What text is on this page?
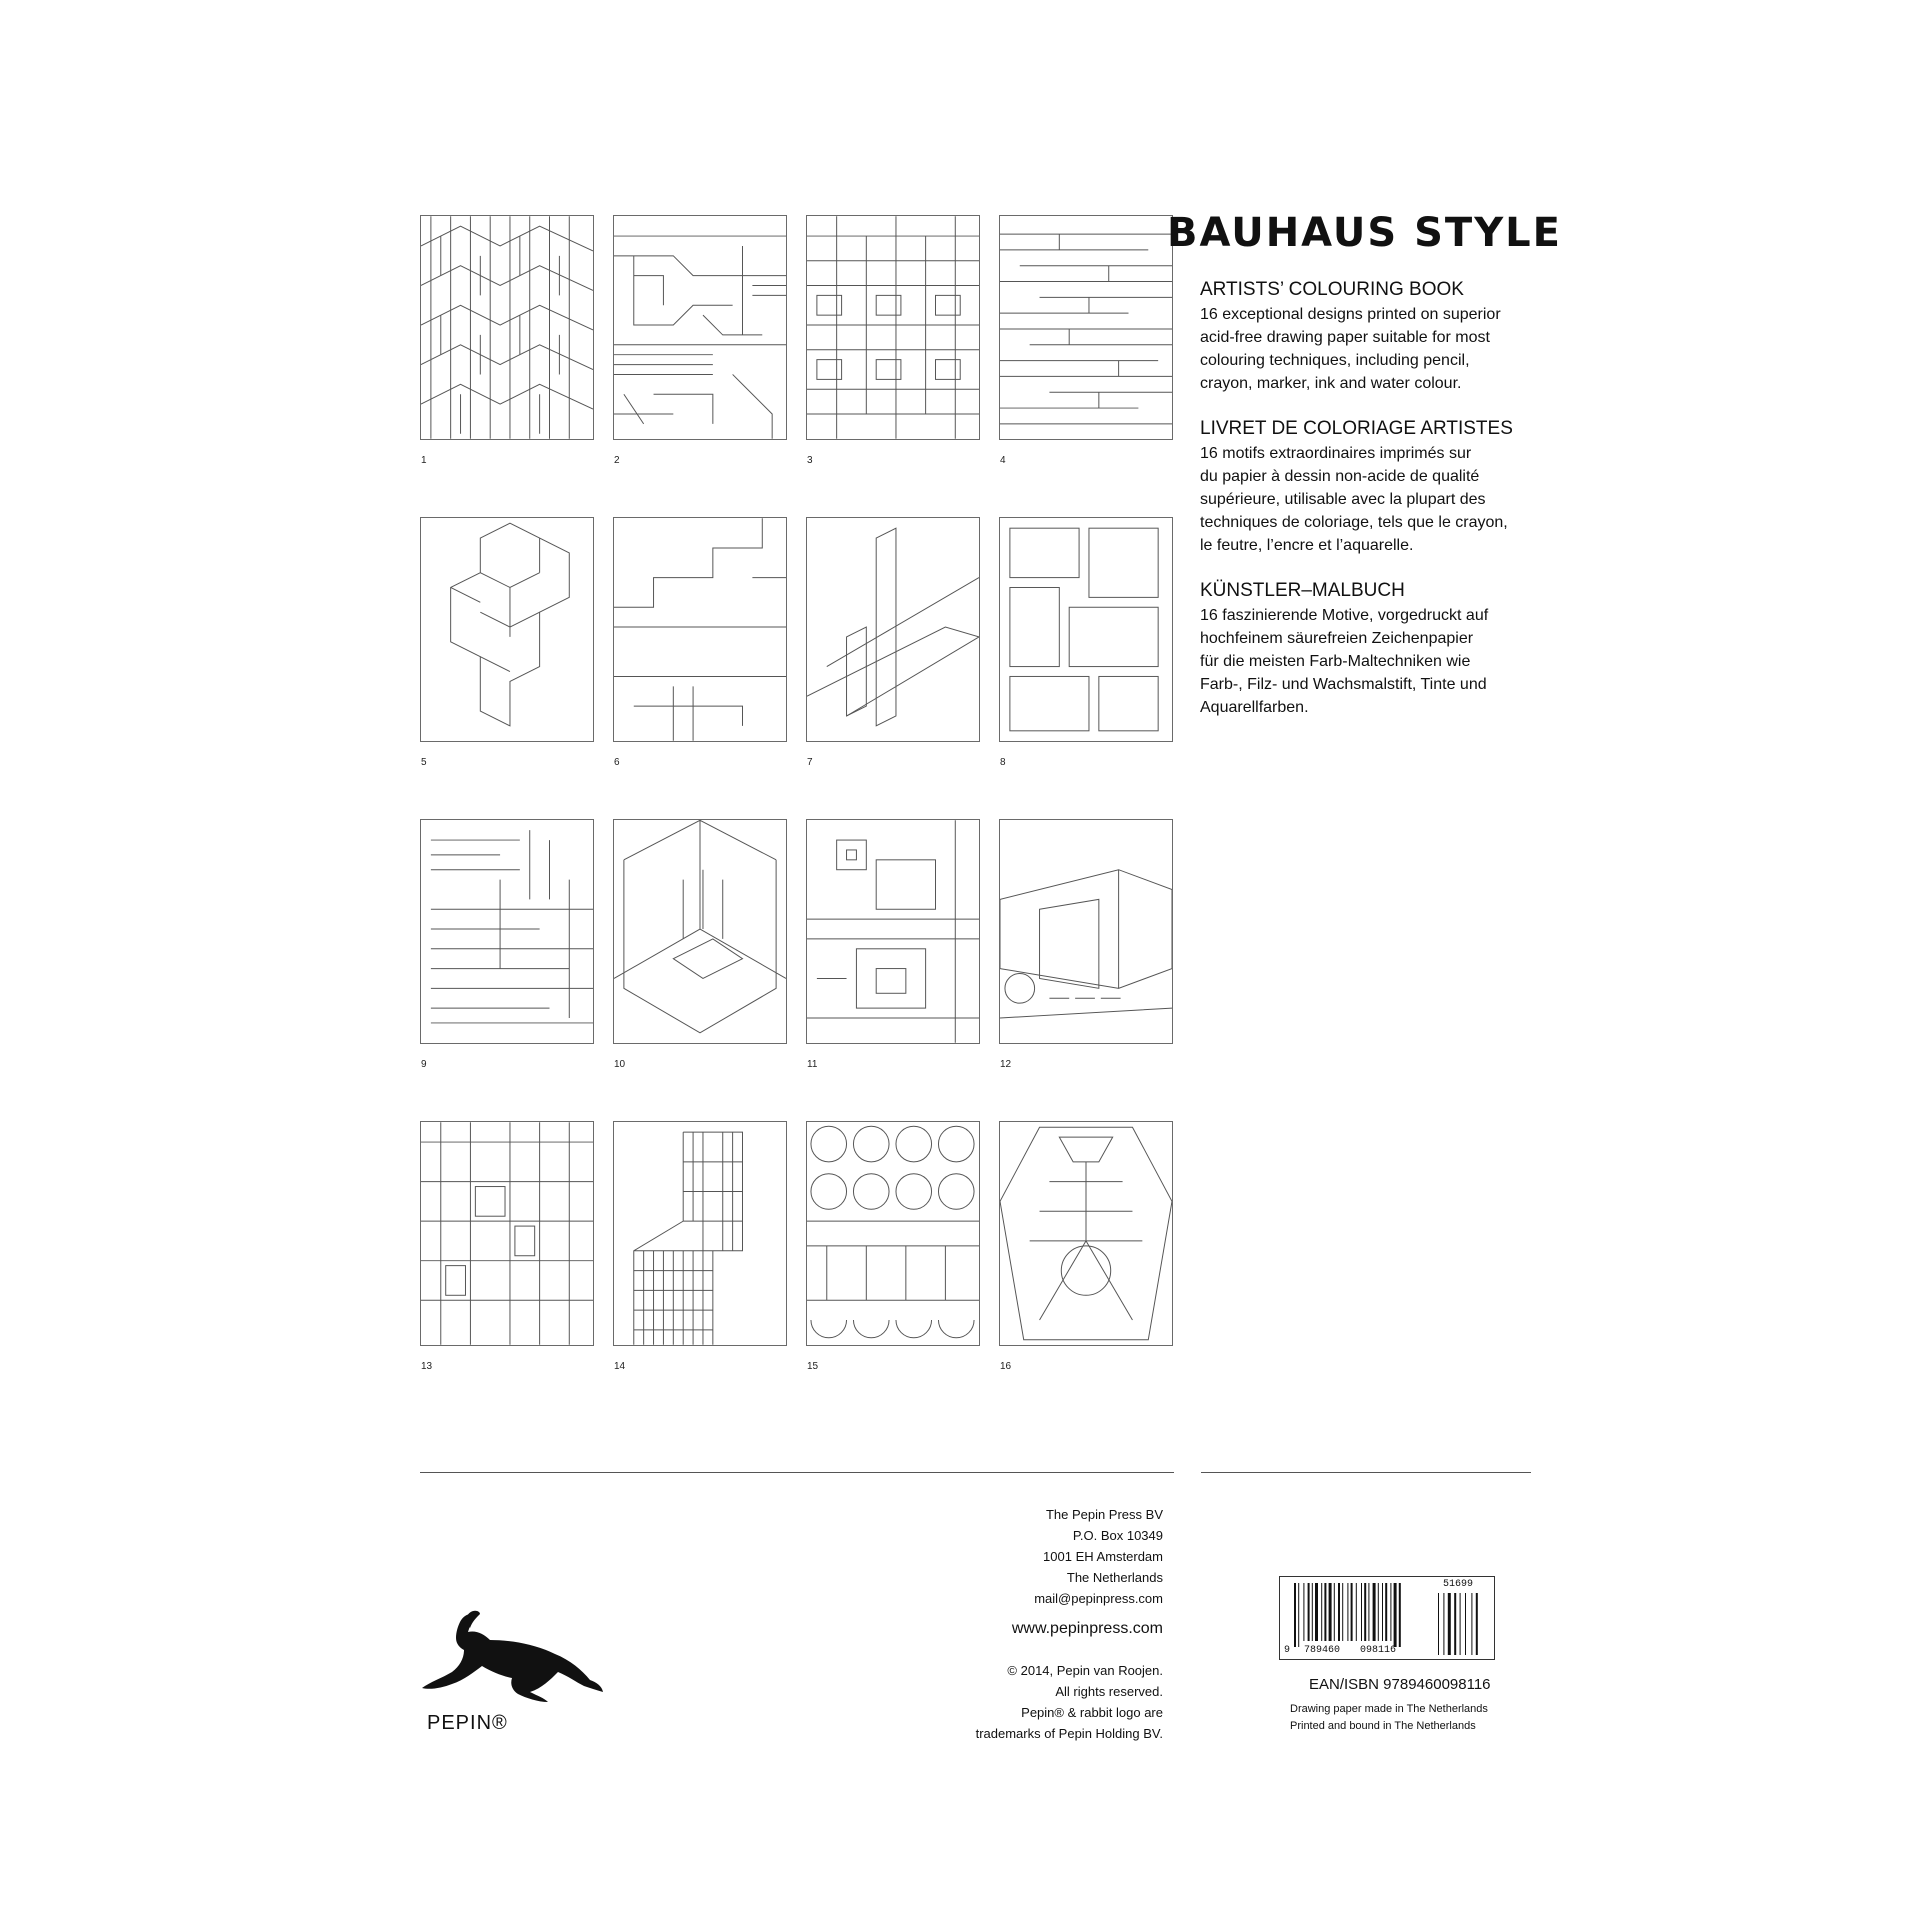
1	2	3	4
5	6	7	8
9	10	11	12
13	14	15	16
BAUHAUS STYLE
ARTISTS’ COLOURING BOOK
16 exceptional designs printed on superior
acid-free drawing paper suitable for most
colouring techniques, including pencil,
crayon, marker, ink and water colour.
LIVRET DE COLORIAGE ARTISTES
16 motifs extraordinaires imprimés sur
du papier à dessin non-acide de qualité
supérieure, utilisable avec la plupart des
techniques de coloriage, tels que le crayon,
le feutre, l’encre et l’aquarelle.
KÜNSTLER–MALBUCH
16 faszinierende Motive, vorgedruckt auf
hochfeinem säurefreien Zeichenpapier
für die meisten Farb-Maltechniken wie
Farb-, Filz- und Wachsmalstift, Tinte und
Aquarellfarben.
The Pepin Press BV
P.O. Box 10349
1001 EH Amsterdam
The Netherlands
mail@pepinpress.com
www.pepinpress.com
© 2014, Pepin van Roojen.
All rights reserved.
Pepin® & rabbit logo are
trademarks of Pepin Holding BV.
PEPIN®
9 789460 098116
51699
EAN/ISBN 9789460098116
Drawing paper made in The Netherlands
Printed and bound in The Netherlands
